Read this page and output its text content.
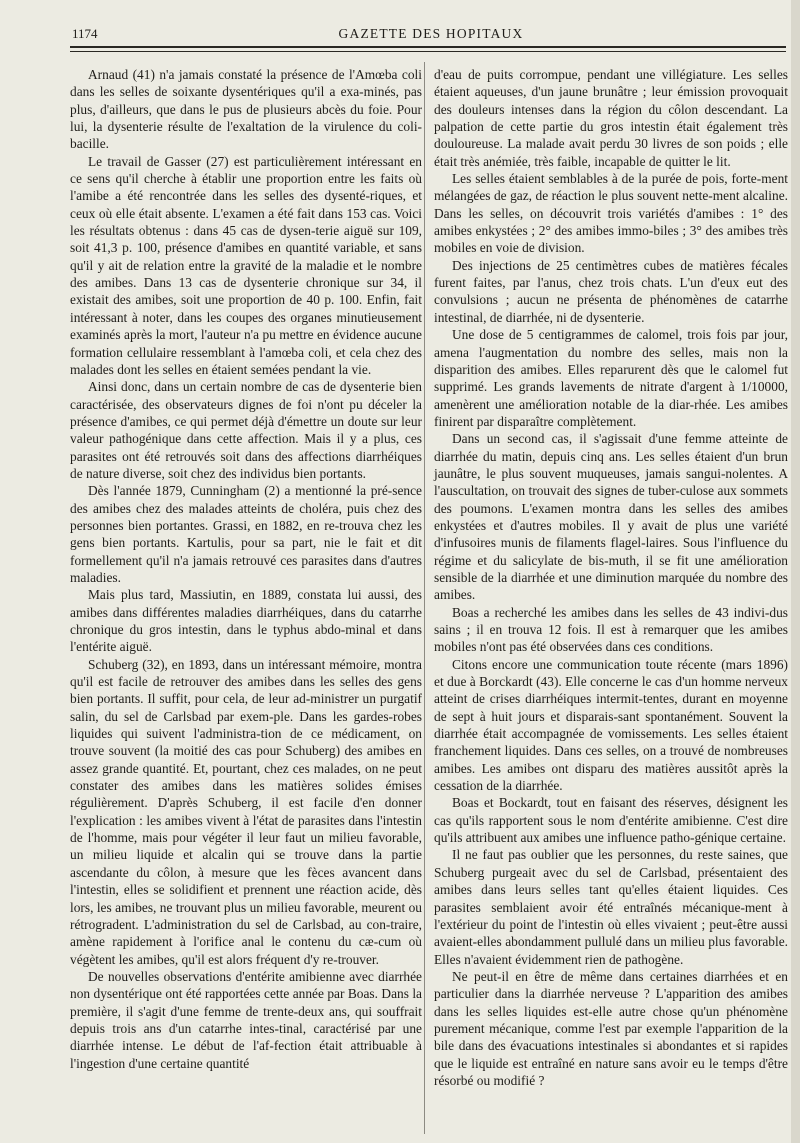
1174	GAZETTE DES HOPITAUX

Arnaud (41) n'a jamais constaté la présence de l'Amœba coli dans les selles de soixante dysentériques qu'il a exa-minés, pas plus, d'ailleurs, que dans le pus de plusieurs abcès du foie. Pour lui, la dysenterie résulte de l'exaltation de la virulence du coli-bacille.

Le travail de Gasser (27) est particulièrement intéressant en ce sens qu'il cherche à établir une proportion entre les faits où l'amibe a été rencontrée dans les selles des dysenté-riques, et ceux où elle était absente. L'examen a été fait dans 153 cas. Voici les résultats obtenus : dans 45 cas de dysen-terie aiguë sur 109, soit 41,3 p. 100, présence d'amibes en quantité variable, et sans qu'il y ait de relation entre la gravité de la maladie et le nombre des amibes. Dans 13 cas de dysenterie chronique sur 34, il existait des amibes, soit une proportion de 40 p. 100. Enfin, fait intéressant à noter, dans les coupes des organes minutieusement examinés après la mort, l'auteur n'a pu mettre en évidence aucune formation cellulaire ressemblant à l'amœba coli, et cela chez des malades dont les selles en étaient semées pendant la vie.

Ainsi donc, dans un certain nombre de cas de dysenterie bien caractérisée, des observateurs dignes de foi n'ont pu déceler la présence d'amibes, ce qui permet déjà d'émettre un doute sur leur valeur pathogénique dans cette affection. Mais il y a plus, ces parasites ont été retrouvés soit dans des affections diarrhéiques de nature diverse, soit chez des individus bien portants.

Dès l'année 1879, Cunningham (2) a mentionné la pré-sence des amibes chez des malades atteints de choléra, puis chez des personnes bien portantes. Grassi, en 1882, en re-trouva chez les gens bien portants. Kartulis, pour sa part, nie le fait et dit formellement qu'il n'a jamais retrouvé ces parasites dans d'autres maladies.

Mais plus tard, Massiutin, en 1889, constata lui aussi, des amibes dans différentes maladies diarrhéiques, dans du catarrhe chronique du gros intestin, dans le typhus abdo-minal et dans l'entérite aiguë.

Schuberg (32), en 1893, dans un intéressant mémoire, montra qu'il est facile de retrouver des amibes dans les selles des gens bien portants. Il suffit, pour cela, de leur ad-ministrer un purgatif salin, du sel de Carlsbad par exem-ple. Dans les gardes-robes liquides qui suivent l'administra-tion de ce médicament, on trouve souvent (la moitié des cas pour Schuberg) des amibes en assez grande quantité. Et, pourtant, chez ces malades, on ne peut constater des amibes dans les matières solides émises régulièrement. D'après Schuberg, il est facile d'en donner l'explication : les amibes vivent à l'état de parasites dans l'intestin de l'homme, mais pour végéter il leur faut un milieu favorable, un milieu liquide et alcalin qui se trouve dans la partie ascendante du côlon, à mesure que les fèces avancent dans l'intestin, elles se solidifient et prennent une réaction acide, dès lors, les amibes, ne trouvant plus un milieu favorable, meurent ou rétrogradent. L'administration du sel de Carlsbad, au con-traire, amène rapidement à l'orifice anal le contenu du cæ-cum où végètent les amibes, qu'il est alors fréquent d'y re-trouver.

De nouvelles observations d'entérite amibienne avec diarrhée non dysentérique ont été rapportées cette année par Boas. Dans la première, il s'agit d'une femme de trente-deux ans, qui souffrait depuis trois ans d'un catarrhe intes-tinal, caractérisé par une diarrhée intense. Le début de l'af-fection était attribuable à l'ingestion d'une certaine quantité

d'eau de puits corrompue, pendant une villégiature. Les selles étaient aqueuses, d'un jaune brunâtre ; leur émission provoquait des douleurs intenses dans la région du côlon descendant. La palpation de cette partie du gros intestin était également très douloureuse. La malade avait perdu 30 livres de son poids ; elle était très anémiée, très faible, incapable de quitter le lit.

Les selles étaient semblables à de la purée de pois, forte-ment mélangées de gaz, de réaction le plus souvent nette-ment alcaline. Dans les selles, on découvrit trois variétés d'amibes : 1° des amibes enkystées ; 2° des amibes immo-biles ; 3° des amibes très mobiles en voie de division.

Des injections de 25 centimètres cubes de matières fécales furent faites, par l'anus, chez trois chats. L'un d'eux eut des convulsions ; aucun ne présenta de phénomènes de catarrhe intestinal, de diarrhée, ni de dysenterie.

Une dose de 5 centigrammes de calomel, trois fois par jour, amena l'augmentation du nombre des selles, mais non la disparition des amibes. Elles reparurent dès que le calomel fut supprimé. Les grands lavements de nitrate d'argent à 1/10000, amenèrent une amélioration notable de la diar-rhée. Les amibes finirent par disparaître complètement.

Dans un second cas, il s'agissait d'une femme atteinte de diarrhée du matin, depuis cinq ans. Les selles étaient d'un brun jaunâtre, le plus souvent muqueuses, jamais sangui-nolentes. A l'auscultation, on trouvait des signes de tuber-culose aux sommets des poumons. L'examen montra dans les selles des amibes enkystées et d'autres mobiles. Il y avait de plus une variété d'infusoires munis de filaments flagel-laires. Sous l'influence du régime et du salicylate de bis-muth, il se fit une amélioration sensible de la diarrhée et une diminution marquée du nombre des amibes.

Boas a recherché les amibes dans les selles de 43 indivi-dus sains ; il en trouva 12 fois. Il est à remarquer que les amibes mobiles n'ont pas été observées dans ces conditions.

Citons encore une communication toute récente (mars 1896) et due à Borckardt (43). Elle concerne le cas d'un homme nerveux atteint de crises diarrhéiques intermit-tentes, durant en moyenne de sept à huit jours et disparais-sant spontanément. Souvent la diarrhée était accompagnée de vomissements. Les selles étaient franchement liquides. Dans ces selles, on a trouvé de nombreuses amibes. Les amibes ont disparu des matières aussitôt après la cessation de la diarrhée.

Boas et Bockardt, tout en faisant des réserves, désignent les cas qu'ils rapportent sous le nom d'entérite amibienne. C'est dire qu'ils attribuent aux amibes une influence patho-génique certaine.

Il ne faut pas oublier que les personnes, du reste saines, que Schuberg purgeait avec du sel de Carlsbad, présentaient des amibes dans leurs selles tant qu'elles étaient liquides. Ces parasites semblaient avoir été entraînés mécanique-ment à l'extérieur du point de l'intestin où elles vivaient ; peut-être aussi avaient-elles abondamment pullulé dans un milieu plus favorable. Elles n'avaient évidemment rien de pathogène.

Ne peut-il en être de même dans certaines diarrhées et en particulier dans la diarrhée nerveuse ? L'apparition des amibes dans les selles liquides est-elle autre chose qu'un phénomène purement mécanique, comme l'est par exemple l'apparition de la bile dans des évacuations intestinales si abondantes et si rapides que le liquide est entraîné en nature sans avoir eu le temps d'être résorbé ou modifié ?
